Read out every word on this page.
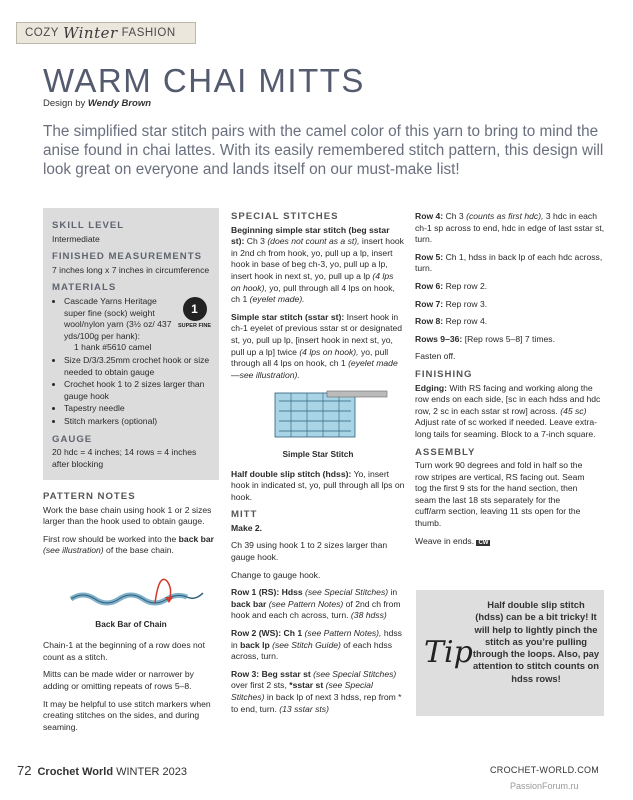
COZY Winter FASHION
WARM CHAI MITTS
Design by Wendy Brown
The simplified star stitch pairs with the camel color of this yarn to bring to mind the anise found in chai lattes. With its easily remembered stitch pattern, this design will look great on everyone and lands itself on our must-make list!
SKILL LEVEL

Intermediate

FINISHED MEASUREMENTS

7 inches long x 7 inches in circumference

MATERIALS
• Cascade Yarns Heritage super fine (sock) weight wool/nylon yarn (3½ oz/ 437 yds/100g per hank):
1 hank #5610 camel
• Size D/3/3.25mm crochet hook or size needed to obtain gauge
• Crochet hook 1 to 2 sizes larger than gauge hook
• Tapestry needle
• Stitch markers (optional)
GAUGE

20 hdc = 4 inches; 14 rows = 4 inches after blocking

1
SUPER FINE
PATTERN NOTES

Work the base chain using hook 1 or 2 sizes larger than the hook used to obtain gauge.

First row should be worked into the back bar (see illustration) of the base chain.

Back Bar of Chain

Chain-1 at the beginning of a row does not count as a stitch.

Mitts can be made wider or narrower by adding or omitting repeats of rows 5–8.

It may be helpful to use stitch markers when creating stitches on the sides, and during seaming.

SPECIAL STITCHES

Beginning simple star stitch (beg sstar st): Ch 3 (does not count as a st), insert hook in 2nd ch from hook, yo, pull up a lp, insert hook in base of beg ch-3, yo, pull up a lp, insert hook in next st, yo, pull up a lp (4 lps on hook), yo, pull through all 4 lps on hook, ch 1 (eyelet made).

Simple star stitch (sstar st): Insert hook in ch-1 eyelet of previous sstar st or designated st, yo, pull up lp, [insert hook in next st, yo, pull up a lp] twice (4 lps on hook), yo, pull through all 4 lps on hook, ch 1 (eyelet made—see illustration).

Simple Star Stitch

Half double slip stitch (hdss): Yo, insert hook in indicated st, yo, pull through all lps on hook.

MITT

Make 2.

Ch 39 using hook 1 to 2 sizes larger than gauge hook.

Change to gauge hook.

Row 1 (RS): Hdss (see Special Stitches) in back bar (see Pattern Notes) of 2nd ch from hook and each ch across, turn. (38 hdss)

Row 2 (WS): Ch 1 (see Pattern Notes), hdss in back lp (see Stitch Guide) of each hdss across, turn.

Row 3: Beg sstar st (see Special Stitches) over first 2 sts, *sstar st (see Special Stitches) in back lp of next 3 hdss, rep from * to end, turn. (13 sstar sts)

Row 4: Ch 3 (counts as first hdc), 3 hdc in each ch-1 sp across to end, hdc in edge of last sstar st, turn.

Row 5: Ch 1, hdss in back lp of each hdc across, turn.

Row 6: Rep row 2.

Row 7: Rep row 3.

Row 8: Rep row 4.

Rows 9–36: [Rep rows 5–8] 7 times.

Fasten off.

FINISHING

Edging: With RS facing and working along the row ends on each side, [sc in each hdss and hdc row, 2 sc in each sstar st row] across. (45 sc) Adjust rate of sc worked if needed. Leave extra-long tails for seaming. Block to a 7-inch square.

ASSEMBLY

Turn work 90 degrees and fold in half so the row stripes are vertical, RS facing out. Seam tog the first 9 sts for the hand section, then seam the last 18 sts separately for the cuff/arm section, leaving 11 sts open for the thumb.

Weave in ends. CW

Tip
Half double slip stitch (hdss) can be a bit tricky! It will help to lightly pinch the stitch as you’re pulling through the loops. Also, pay attention to stitch counts on hdss rows!
72 Crochet World WINTER 2023	CROCHET-WORLD.COM
PassionForum.ru
